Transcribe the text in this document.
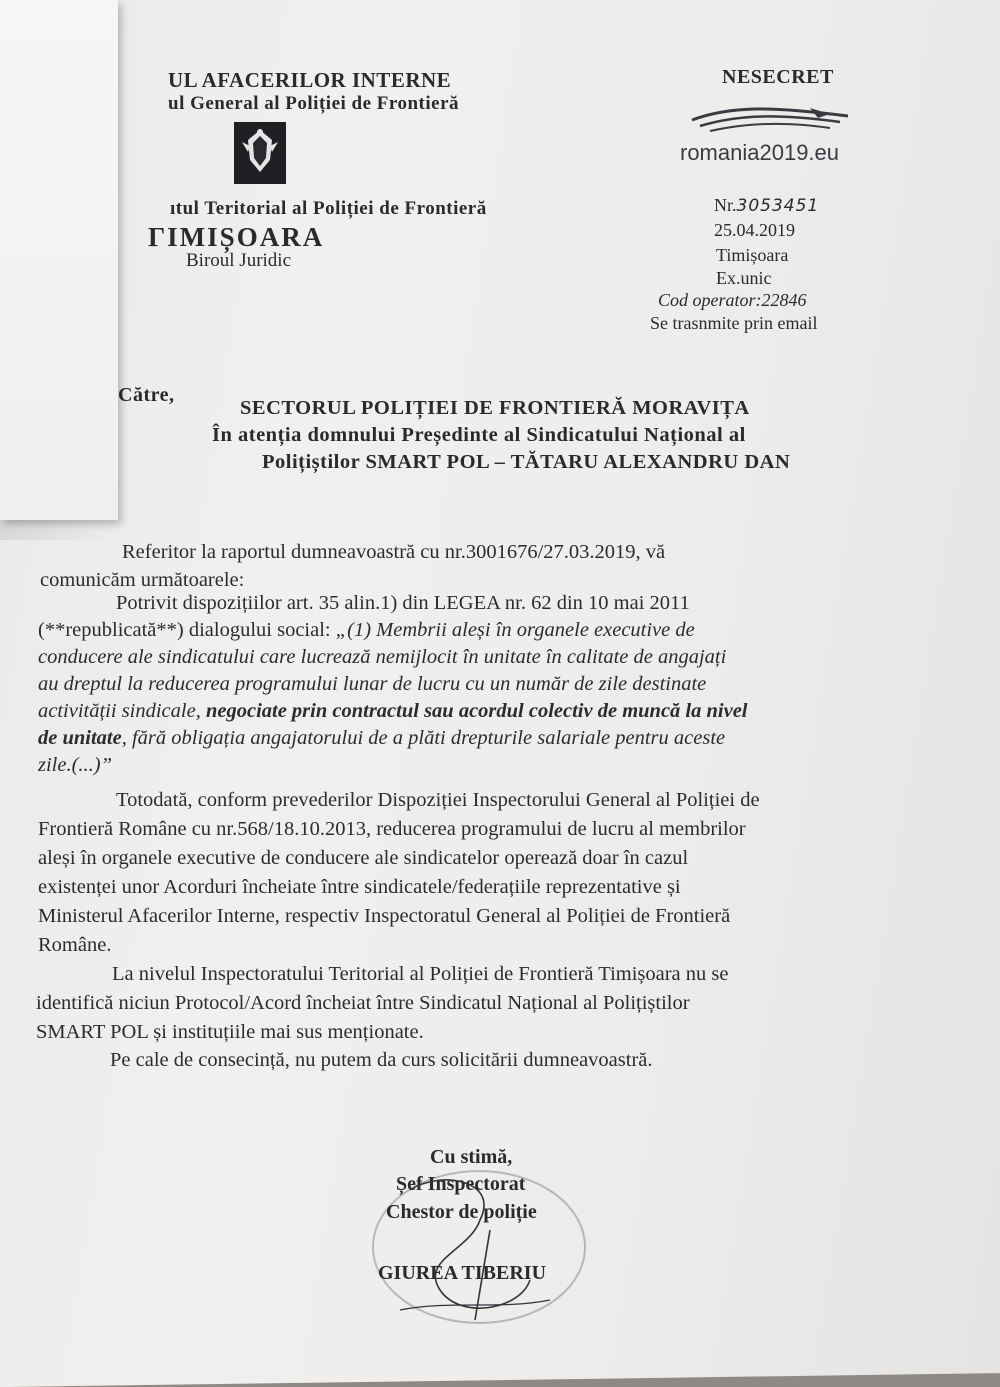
UL AFACERILOR INTERNE
ul General al Poliției de Frontieră
ıtul Teritorial al Poliției de Frontieră
ΓIMIȘOARA
Biroul Juridic
NESECRET
romania2019.eu
Nr.3053451
25.04.2019
Timișoara
Ex.unic
Cod operator:22846
Se trasnmite prin email
Către,
SECTORUL POLIȚIEI DE FRONTIERĂ MORAVIȚA
În atenția domnului Președinte al Sindicatului Național al
Polițiștilor SMART POL – TĂTARU ALEXANDRU DAN
Referitor la raportul dumneavoastră cu nr.3001676/27.03.2019, vă
comunicăm următoarele:
Potrivit dispozițiilor art. 35 alin.1) din LEGEA nr. 62 din 10 mai 2011
(**republicată**) dialogului social: „(1) Membrii aleși în organele executive de
conducere ale sindicatului care lucrează nemijlocit în unitate în calitate de angajați
au dreptul la reducerea programului lunar de lucru cu un număr de zile destinate
activității sindicale, negociate prin contractul sau acordul colectiv de muncă la nivel
de unitate, fără obligația angajatorului de a plăti drepturile salariale pentru aceste
zile.(...)”
Totodată, conform prevederilor Dispoziției Inspectorului General al Poliției de
Frontieră Române cu nr.568/18.10.2013, reducerea programului de lucru al membrilor
aleși în organele executive de conducere ale sindicatelor operează doar în cazul
existenței unor Acorduri încheiate între sindicatele/federațiile reprezentative și
Ministerul Afacerilor Interne, respectiv Inspectoratul General al Poliției de Frontieră
Române.
La nivelul Inspectoratului Teritorial al Poliției de Frontieră Timișoara nu se
identifică niciun Protocol/Acord încheiat între Sindicatul Național al Polițiștilor
SMART POL și instituțiile mai sus menționate.
Pe cale de consecință, nu putem da curs solicitării dumneavoastră.
Cu stimă,
Șef Inspectorat
Chestor de poliție
GIUREA TIBERIU
